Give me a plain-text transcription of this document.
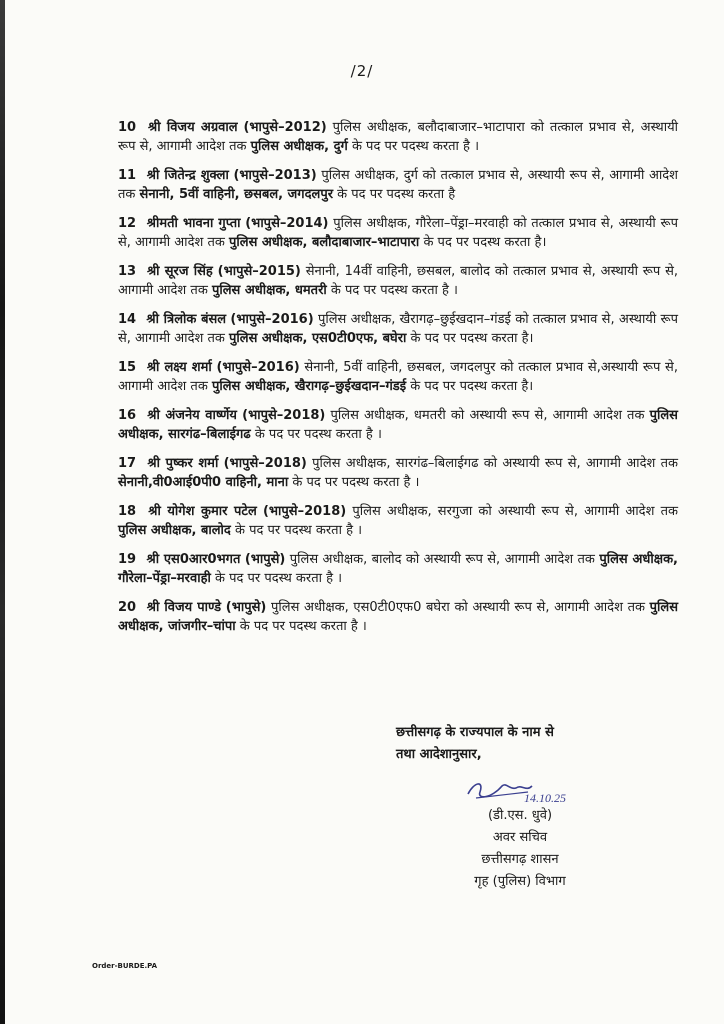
/2/
10 श्री विजय अग्रवाल (भापुसे–2012) पुलिस अधीक्षक, बलौदाबाजार–भाटापारा को तत्काल प्रभाव से, अस्थायी रूप से, आगामी आदेश तक पुलिस अधीक्षक, दुर्ग के पद पर पदस्थ करता है ।
11 श्री जितेन्द्र शुक्ला (भापुसे–2013) पुलिस अधीक्षक, दुर्ग को तत्काल प्रभाव से, अस्थायी रूप से, आगामी आदेश तक सेनानी, 5वीं वाहिनी, छसबल, जगदलपुर के पद पर पदस्थ करता है
12 श्रीमती भावना गुप्ता (भापुसे–2014) पुलिस अधीक्षक, गौरेला–पेंड्रा–मरवाही को तत्काल प्रभाव से, अस्थायी रूप से, आगामी आदेश तक पुलिस अधीक्षक, बलौदाबाजार–भाटापारा के पद पर पदस्थ करता है।
13 श्री सूरज सिंह (भापुसे–2015) सेनानी, 14वीं वाहिनी, छसबल, बालोद को तत्काल प्रभाव से, अस्थायी रूप से, आगामी आदेश तक पुलिस अधीक्षक, धमतरी के पद पर पदस्थ करता है ।
14 श्री त्रिलोक बंसल (भापुसे–2016) पुलिस अधीक्षक, खैरागढ़–छुईखदान–गंडई को तत्काल प्रभाव से, अस्थायी रूप से, आगामी आदेश तक पुलिस अधीक्षक, एस0टी0एफ, बघेरा के पद पर पदस्थ करता है।
15 श्री लक्ष्य शर्मा (भापुसे–2016) सेनानी, 5वीं वाहिनी, छसबल, जगदलपुर को तत्काल प्रभाव से,अस्थायी रूप से, आगामी आदेश तक पुलिस अधीक्षक, खैरागढ़–छुईखदान–गंडई के पद पर पदस्थ करता है।
16 श्री अंजनेय वार्ष्णेय (भापुसे–2018) पुलिस अधीक्षक, धमतरी को अस्थायी रूप से, आगामी आदेश तक पुलिस अधीक्षक, सारगंढ–बिलाईगढ के पद पर पदस्थ करता है ।
17 श्री पुष्कर शर्मा (भापुसे–2018) पुलिस अधीक्षक, सारगंढ–बिलाईगढ को अस्थायी रूप से, आगामी आदेश तक सेनानी,वी0आई0पी0 वाहिनी, माना के पद पर पदस्थ करता है ।
18 श्री योगेश कुमार पटेल (भापुसे–2018) पुलिस अधीक्षक, सरगुजा को अस्थायी रूप से, आगामी आदेश तक पुलिस अधीक्षक, बालोद के पद पर पदस्थ करता है ।
19 श्री एस0आर0भगत (भापुसे) पुलिस अधीक्षक, बालोद को अस्थायी रूप से, आगामी आदेश तक पुलिस अधीक्षक, गौरेला–पेंड्रा–मरवाही के पद पर पदस्थ करता है ।
20 श्री विजय पाण्डे (भापुसे) पुलिस अधीक्षक, एस0टी0एफ0 बघेरा को अस्थायी रूप से, आगामी आदेश तक पुलिस अधीक्षक, जांजगीर–चांपा के पद पर पदस्थ करता है ।
छत्तीसगढ़ के राज्यपाल के नाम से
तथा आदेशानुसार,
14.10.25
(डी.एस. धुवे)
अवर सचिव
छत्तीसगढ़ शासन
गृह (पुलिस) विभाग
Order-BURDE.PA
